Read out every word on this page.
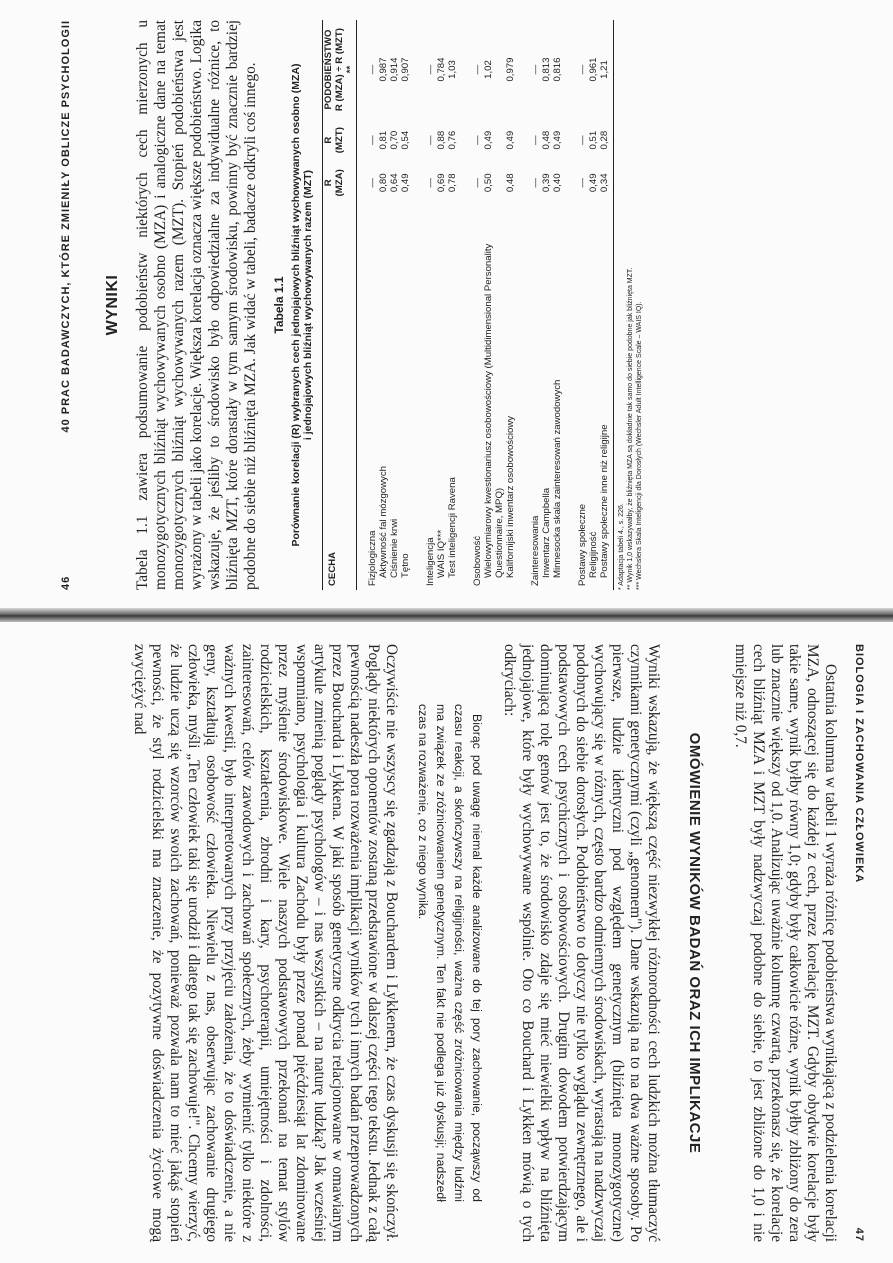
46
40 PRAC BADAWCZYCH, KTÓRE ZMIENIŁY OBLICZE PSYCHOLOGII WYNIKI Tabela 1.1 zawiera podsumowanie podobieństw niektórych cech mierzonych u monozygotycznych bliźniąt wychowywanych osobno (MZA) i analogiczne dane na temat monozygotycznych bliźniąt wychowywanych razem (MZT). Stopień podobieństwa jest wyrażony w tabeli jako korelacje. Większa korelacja oznacza większe podobieństwo. Logika wskazuje, że jeśliby to środowisko było odpowiedzialne za indywidualne różnice, to bliźnięta MZT, które dorastały w tym samym środowisku, powinny być znacznie bardziej podobne do siebie niż bliźnięta MZA. Jak widać w tabeli, badacze odkryli coś innego. Tabela 1.1 Porównanie korelacji (R) wybranych cech jednojajowych bliźniąt wychowywanych osobno (MZA) i jednojajowych bliźniąt wychowywanych razem (MZT)
CECHA	R (MZA)	R (MZT)	PODOBIEŃSTWO R (MZA) ÷ R (MZT) **

Fizjologiczna	—	—	—
Aktywność fal mózgowych	0,80	0,81	0,987
Ciśnienie krwi	0,64	0,70	0,914
Tętno	0,49	0,54	0,907
Inteligencja	—	—	—
WAIS IQ***	0,69	0,88	0,784
Test inteligencji Ravena	0,78	0,76	1,03
Osobowość	—	—	—
Wielowymiarowy kwestionariusz osobowościowy (Multidimensional Personality Questionnaire, MPQ)	0,50	0,49	1,02
Kalifornijski inwentarz osobowościowy	0,48	0,49	0,979
Zainteresowania	—	—	—
Inwentarz Campbella	0,39	0,48	0,813
Minnesocka skala zainteresowań zawodowych	0,40	0,49	0,816
Postawy społeczne	—	—	—
Religijność	0,49	0,51	0,961
Postawy społeczne inne niż religijne	0,34	0,28	1,21
* Adaptacja tabeli 4., s. 226. ** Wynik 1,0 wskazywałby, że bliźnięta MZA są dokładnie tak samo do siebie podobne jak bliźnięta MZT. *** Wechslera Skala Inteligencji dla Dorosłych (Wechsler Adult Intelligence Scale – WAIS IQ).
BIOLOGIA I ZACHOWANIA CZŁOWIEKA
47

Ostatnia kolumna w tabeli 1 wyraża różnicę podobieństwa wynikającą z podzielenia korelacji MZA, odnoszącej się do każdej z cech, przez korelację MZT. Gdyby obydwie korelacje były takie same, wynik byłby równy 1,0; gdyby były całkowicie różne, wynik byłby zbliżony do zera lub znacznie większy od 1,0. Analizując uważnie kolumnę czwartą, przekonasz się, że korelacje cech bliźniąt MZA i MZT były nadzwyczaj podobne do siebie, to jest zbliżone do 1,0 i nie mniejsze niż 0,7.

OMÓWIENIE WYNIKÓW BADAŃ ORAZ ICH IMPLIKACJE

Wyniki wskazują, że większą część niezwykłej różnorodności cech ludzkich można tłumaczyć czynnikami genetycznymi (czyli „genomem"). Dane wskazują na to na dwa ważne sposoby. Po pierwsze, ludzie identyczni pod względem genetycznym (bliźnięta monozygotyczne) wychowujący się w różnych, często bardzo odmiennych środowiskach, wyrastają na nadzwyczaj podobnych do siebie dorosłych. Podobieństwo to dotyczy nie tylko wyglądu zewnętrznego, ale i podstawowych cech psychicznych i osobowościowych. Drugim dowodem potwierdzającym dominującą rolę genów jest to, że środowisko zdaje się mieć niewielki wpływ na bliźnięta jednojajowe, które były wychowywane wspólnie. Oto co Bouchard i Lykken mówią o tych odkryciach:

Biorąc pod uwagę niemal każde analizowane do tej pory zachowanie, począwszy od czasu reakcji, a skończywszy na religijności, ważna część zróżnicowania między ludźmi ma związek ze zróżnicowaniem genetycznym. Ten fakt nie podlega już dyskusji; nadszedł czas na rozważenie, co z niego wynika.

Oczywiście nie wszyscy się zgadzają z Bouchardem i Lykkenem, że czas dyskusji się skończył. Poglądy niektórych oponentów zostaną przedstawione w dalszej części tego tekstu. Jednak z całą pewnością nadeszła pora rozważenia implikacji wyników tych i innych badań przeprowadzonych przez Boucharda i Lykkena. W jaki sposób genetyczne odkrycia relacjonowane w omawianym artykule zmienią poglądy psychologów – i nas wszystkich – na naturę ludzką? Jak wcześniej wspomniano, psychologia i kultura Zachodu były przez ponad pięćdziesiąt lat zdominowane przez myślenie środowiskowe. Wiele naszych podstawowych przekonań na temat stylów rodzicielskich, kształcenia, zbrodni i kary, psychoterapii, umiejętności i zdolności, zainteresowań, celów zawodowych i zachowań społecznych, żeby wymienić tylko niektóre z ważnych kwestii, było interpretowanych przy przyjęciu założenia, że to doświadczenie, a nie geny, kształtują osobowość człowieka. Niewielu z nas, obserwując zachowanie drugiego człowieka, myśli „Ten człowiek taki się urodził i dlatego tak się zachowuje!". Chcemy wierzyć, że ludzie uczą się wzorców swoich zachowań, ponieważ pozwala nam to mieć jakąś stopień pewności, że styl rodzicielski ma znaczenie, że pozytywne doświadczenia życiowe mogą zwyciężyć nad
